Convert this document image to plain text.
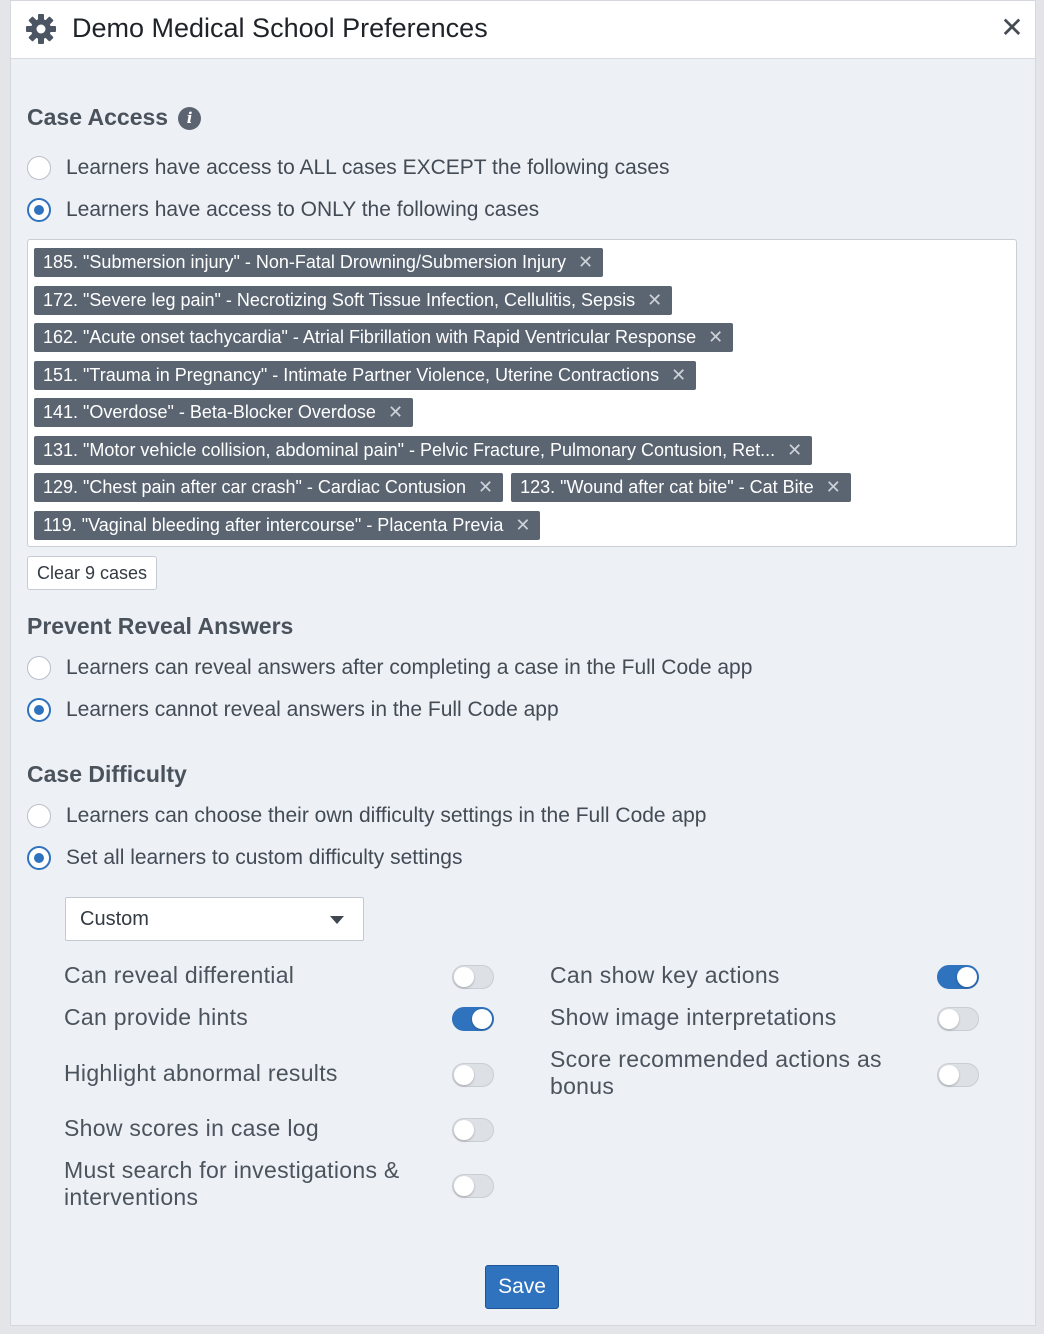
Demo Medical School Preferences	✕
Case Access i
Learners have access to ALL cases EXCEPT the following cases
Learners have access to ONLY the following cases
185. "Submersion injury" - Non-Fatal Drowning/Submersion Injury ✕
172. "Severe leg pain" - Necrotizing Soft Tissue Infection, Cellulitis, Sepsis ✕
162. "Acute onset tachycardia" - Atrial Fibrillation with Rapid Ventricular Response ✕
151. "Trauma in Pregnancy" - Intimate Partner Violence, Uterine Contractions ✕
141. "Overdose" - Beta-Blocker Overdose ✕
131. "Motor vehicle collision, abdominal pain" - Pelvic Fracture, Pulmonary Contusion, Ret... ✕
129. "Chest pain after car crash" - Cardiac Contusion ✕ 123. "Wound after cat bite" - Cat Bite ✕
119. "Vaginal bleeding after intercourse" - Placenta Previa ✕
Clear 9 cases
Prevent Reveal Answers
Learners can reveal answers after completing a case in the Full Code app
Learners cannot reveal answers in the Full Code app
Case Difficulty
Learners can choose their own difficulty settings in the Full Code app
Set all learners to custom difficulty settings
Custom
Can reveal differential
Can provide hints
Highlight abnormal results
Show scores in case log
Must search for investigations & interventions
Can show key actions
Show image interpretations
Score recommended actions as bonus
Save
